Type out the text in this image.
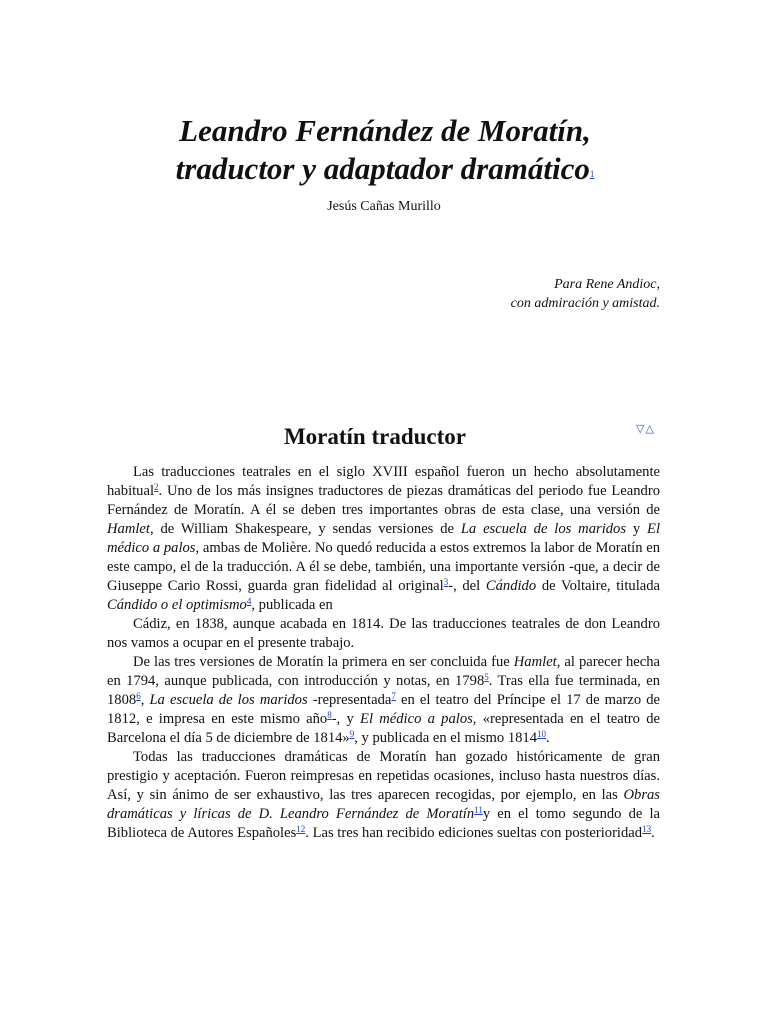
Leandro Fernández de Moratín,
traductor y adaptador dramático1
Jesús Cañas Murillo
Para Rene Andioc,
con admiración y amistad.
▽△
Moratín traductor

Las traducciones teatrales en el siglo XVIII español fueron un hecho absolutamente habitual$^2$. Uno de los más insignes traductores de piezas dramáticas del periodo fue Leandro Fernández de Moratín. A él se deben tres importantes obras de esta clase, una versión de Hamlet, de William Shakespeare, y sendas versiones de La escuela de los maridos y El médico a palos, ambas de Molière. No quedó reducida a estos extremos la labor de Moratín en este campo, el de la traducción. A él se debe, también, una importante versión -que, a decir de Giuseppe Cario Rossi, guarda gran fidelidad al original$^3$-, del Cándido de Voltaire, titulada Cándido o el optimismo$^4$, publicada en

Cádiz, en 1838, aunque acabada en 1814. De las traducciones teatrales de don Leandro nos vamos a ocupar en el presente trabajo.

De las tres versiones de Moratín la primera en ser concluida fue Hamlet, al parecer hecha en 1794, aunque publicada, con introducción y notas, en 1798$^5$. Tras ella fue terminada, en 1808$^6$, La escuela de los maridos -representada$^7$ en el teatro del Príncipe el 17 de marzo de 1812, e impresa en este mismo año$^8$-, y El médico a palos, «representada en el teatro de Barcelona el día 5 de diciembre de 1814»$^9$, y publicada en el mismo 1814$^{10}$.

Todas las traducciones dramáticas de Moratín han gozado históricamente de gran prestigio y aceptación. Fueron reimpresas en repetidas ocasiones, incluso hasta nuestros días. Así, y sin ánimo de ser exhaustivo, las tres aparecen recogidas, por ejemplo, en las Obras dramáticas y líricas de D. Leandro Fernández de Moratín$^{11}$y en el tomo segundo de la Biblioteca de Autores Españoles$^{12}$. Las tres han recibido ediciones sueltas con posterioridad$^{13}$.
